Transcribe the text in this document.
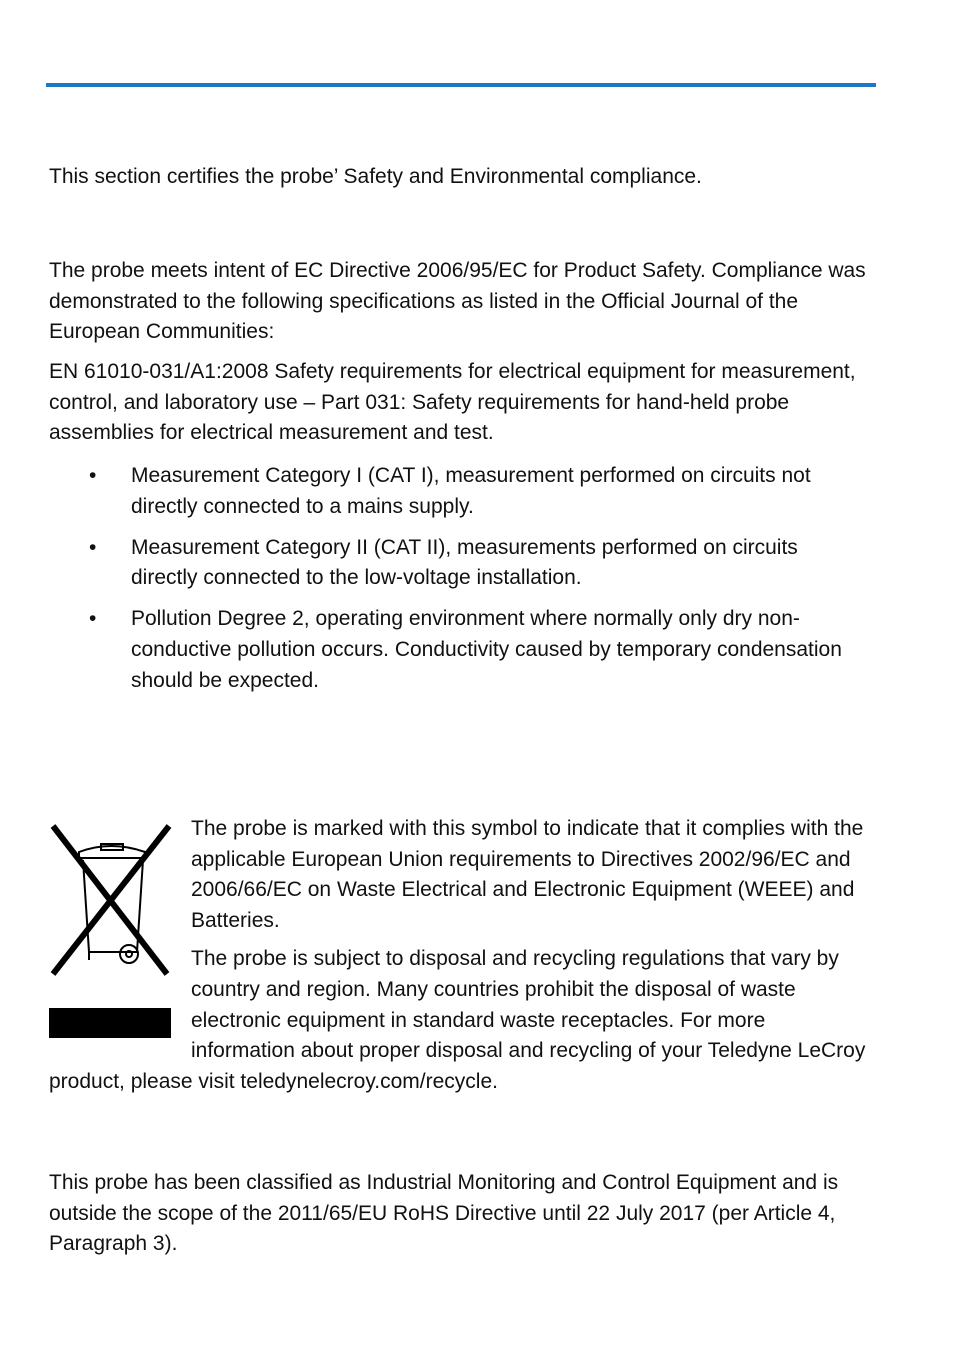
This section certifies the probe’ Safety and Environmental compliance.

The probe meets intent of EC Directive 2006/95/EC for Product Safety. Compliance was demonstrated to the following specifications as listed in the Official Journal of the European Communities:

EN 61010-031/A1:2008 Safety requirements for electrical equipment for measurement, control, and laboratory use – Part 031: Safety requirements for hand-held probe assemblies for electrical measurement and test.

• Measurement Category I (CAT I), measurement performed on circuits not directly connected to a mains supply.
• Measurement Category II (CAT II), measurements performed on circuits directly connected to the low-voltage installation.
• Pollution Degree 2, operating environment where normally only dry non-conductive pollution occurs. Conductivity caused by temporary condensation should be expected.

The probe is marked with this symbol to indicate that it complies with the applicable European Union requirements to Directives 2002/96/EC and 2006/66/EC on Waste Electrical and Electronic Equipment (WEEE) and Batteries.

The probe is subject to disposal and recycling regulations that vary by country and region. Many countries prohibit the disposal of waste electronic equipment in standard waste receptacles. For more information about proper disposal and recycling of your Teledyne LeCroy product, please visit teledynelecroy.com/recycle.

This probe has been classified as Industrial Monitoring and Control Equipment and is outside the scope of the 2011/65/EU RoHS Directive until 22 July 2017 (per Article 4, Paragraph 3).
